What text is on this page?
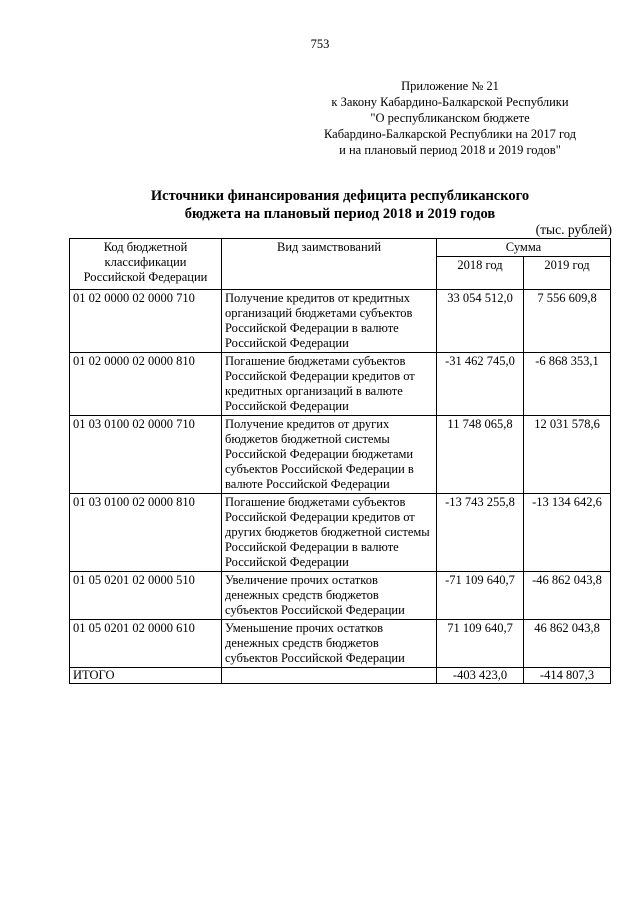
753
Приложение № 21
к Закону Кабардино-Балкарской Республики
"О республиканском бюджете
Кабардино-Балкарской Республики на 2017 год
и на плановый период 2018 и 2019 годов"
Источники финансирования дефицита республиканского
бюджета на плановый период 2018 и 2019 годов
(тыс. рублей)
Код бюджетной классификации Российской Федерации	Вид заимствований	Сумма	
		2018 год	2019 год
01 02 0000 02 0000 710	Получение кредитов от кредитных организаций бюджетами субъектов Российской Федерации в валюте Российской Федерации	33 054 512,0	7 556 609,8
01 02 0000 02 0000 810	Погашение бюджетами субъектов Российской Федерации кредитов от кредитных организаций в валюте Российской Федерации	-31 462 745,0	-6 868 353,1
01 03 0100 02 0000 710	Получение кредитов от других бюджетов бюджетной системы Российской Федерации бюджетами субъектов Российской Федерации в валюте Российской Федерации	11 748 065,8	12 031 578,6
01 03 0100 02 0000 810	Погашение бюджетами субъектов Российской Федерации кредитов от других бюджетов бюджетной системы Российской Федерации в валюте Российской Федерации	-13 743 255,8	-13 134 642,6
01 05 0201 02 0000 510	Увеличение прочих остатков денежных средств бюджетов субъектов Российской Федерации	-71 109 640,7	-46 862 043,8
01 05 0201 02 0000 610	Уменьшение прочих остатков денежных средств бюджетов субъектов Российской Федерации	71 109 640,7	46 862 043,8
ИТОГО		-403 423,0	-414 807,3
